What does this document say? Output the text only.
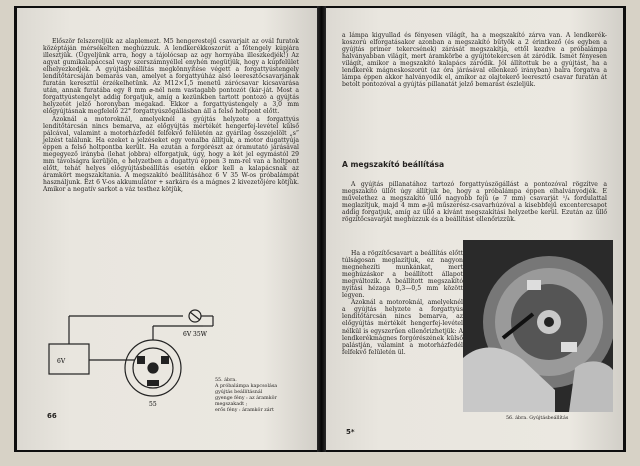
Először felszereljük az alaplemezt. M5 hengerestejű csavarjait az ovál furatok középtáján mérsékelten meghúzzuk. A lendkerékkoszorút a főtengely kúpjára illesztjük. (Ügyeljünk arra, hogy a tájolócsap az agy hornyába illeszkedjék!) Az agyat gumikalapáccsal vagy szerszámnyéllel enyhén megütjük, hogy a kúpfelület elhelyezkedjék. A gyújtásbeállítás megkönnyítése végett a forgattyústengely lendítőtárcsáján bemarás van, amelyet a forgattyúház alsó leeresztőcsavarjának furatán keresztül érzékelhetünk. Az M12×1,5 menetű zárócsavar kicsavarása után, annak furatába egy 8 mm ⌀-nél nem vastagabb pontozót (kár-ját. Most a forgattyústengelyt addig forgatjuk, amíg a kezünkben tartott pontozó a gyújtás helyzetét jelző horonyban megakad. Ekkor a forgattyústengely a 3,0 mm előgyújtásnak megfelelő 22° forgattyúszögállásban áll a felső holtpont előtt.

Azoknál a motoroknál, amelyeknél a gyújtás helyzete a forgattyús lendítőtárcsán nincs bemarva, az előgyújtás mértékét hengerfej-levétel külső pálcával, valamint a motorházfedél felfekvő felületén az gyárilag összejelölt „s” jelzést találunk. Ha ezeket a jelzéseket egy vonalba állítjuk, a motor dugattyúja éppen a felső holtpontba került. Ha ezután a forgórészt az óramutató járásával megegyező irányba (lehat jobbra) elforgatjuk, úgy, hogy a két jel egymástól 29 mm távolságra kerüljön, e helyzetben a dugattyú éppen 3 mm-rel van a holtpont előtt, tehát helyes előgyújtásbeállítás esetén ekkor kell a kalapácsnak az áramkört megszakítania. A megszakító beállításához 6 V 35 W-os próbalámpát használjunk. Ezt 6 V-os akkumulátor + sarkára és a mágnes 2 kivezetőjére kötjük. Amikor a negatív sarkot a váz testhez kötjük,

6V
6V 35W
55
55. ábra.
A próbalámpa kapcsolása
gyújtás beállításnál
gyenge fény : az áramkör
megszakadt ;
erős fény : áramkör zárt
66

a lámpa kigyullad és fényesen világít, ha a megszakító zárva van. A lendkerék-koszorú elforgatásakor azonban a megszakító bütyök a 2 érintkező (és egyben a gyújtás primer tekercsének) zárását megszakítja, ettől kezdve a próbalámpa halványabban világít, mert áramkörbe a gyújtótekercsen át záródik. Ismét fényesen világít, amikor a megszakító kalapács záródik. Jól állítottuk be a gyújtást, ha a lendkerék mágneskoszorút (az óra járásával ellenkező irányban) balra forgatva a lámpa éppen akkor halványodik el, amikor az olajtekerő leeresztő csavar furatán át betolt pontozóval a gyújtás pillanatát jelző bemarást észleljük.

A megszakító beállítása

A gyújtás pillanatához tartozó forgattyúszögállást a pontozóval rögzítve a megszakító üllőt úgy állítjuk be, hogy a próbalámpa éppen elhalványodjék. E művelethez a megszakító üllő nagyobb fejű (⌀ 7 mm) csavarját ¹/₄ fordulattal meglazítjuk, majd 4 mm ⌀-jű műszerész-csavarhúzóval a kisebbfejű excentercsapot addig forgatjuk, amíg az üllő a kívánt megszakítási helyzetbe kerül. Ezután az üllő rögzítőcsavarját meghúzzuk és a beállítást ellenőrizzük.

Ha a rögzítőcsavart a beállítás előtt túlságosan meglazítjuk, ez nagyon megnehezíti munkánkat, mert meghúzáskor a beállított állapot megváltozik. A beállított megszakító nyitási hézaga 0,3—0,5 mm között legyen.

Azoknál a motoroknál, amelyeknél a gyújtás helyzete a forgattyús lendítőtárcsán nincs bemarva, az előgyújtás mértékét hengerfej-levétel nélkül is egyszerűen ellenőrizhetjük: A lendkerékmágnes forgórészének külső palástján, valamint a motorházfedél felfekvő felületén ül.

56. ábra. Gyújtásbeállítás
5*
